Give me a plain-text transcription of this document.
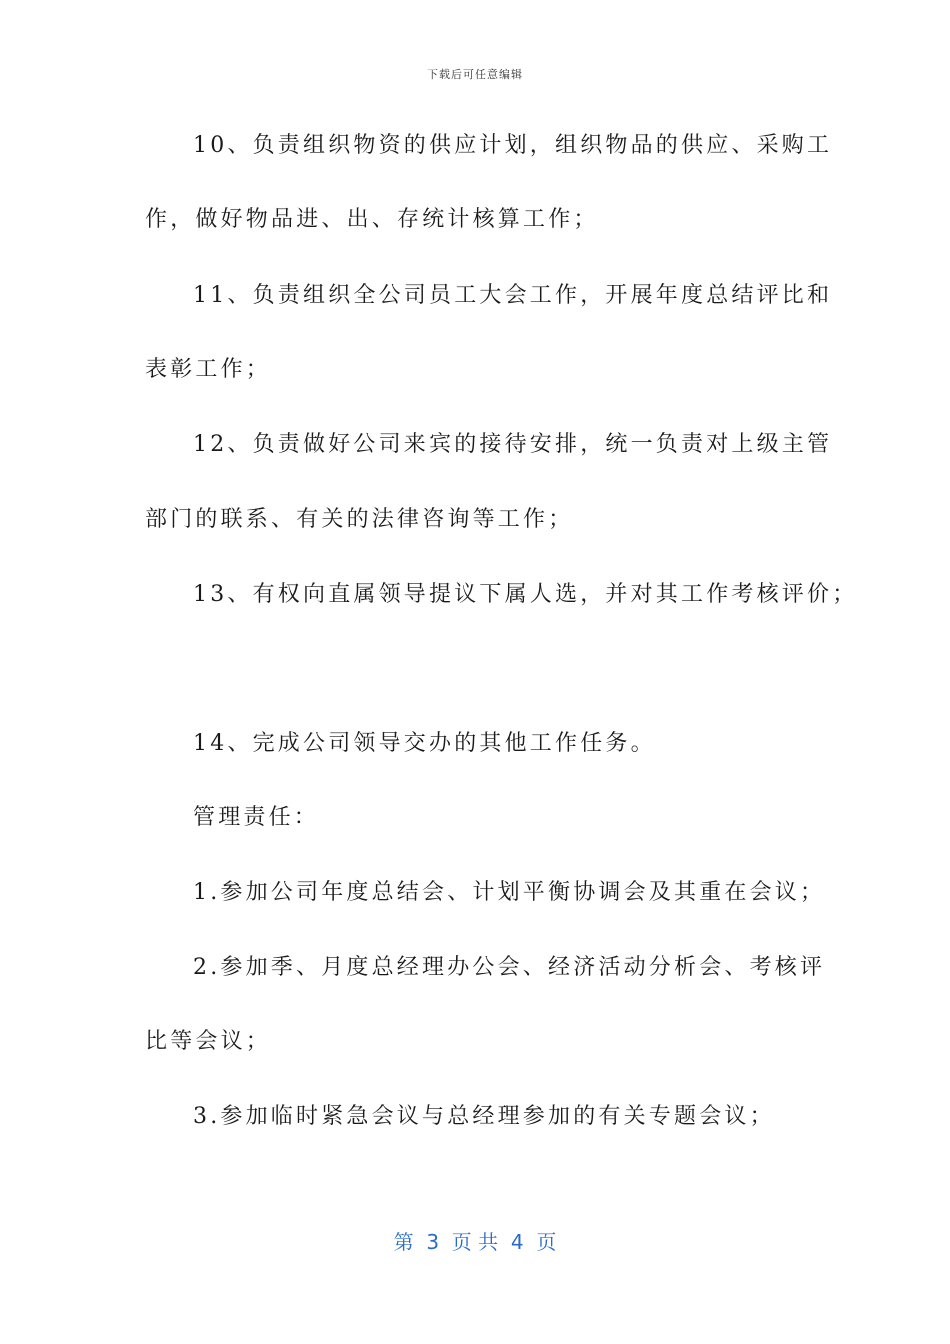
下载后可任意编辑
10、负责组织物资的供应计划，组织物品的供应、采购工
作，做好物品进、出、存统计核算工作；
11、负责组织全公司员工大会工作，开展年度总结评比和
表彰工作；
12、负责做好公司来宾的接待安排，统一负责对上级主管
部门的联系、有关的法律咨询等工作；
13、有权向直属领导提议下属人选，并对其工作考核评价；
14、完成公司领导交办的其他工作任务。
管理责任：
1.参加公司年度总结会、计划平衡协调会及其重在会议；
2.参加季、月度总经理办公会、经济活动分析会、考核评
比等会议；
3.参加临时紧急会议与总经理参加的有关专题会议；
第  3  页 共  4  页
